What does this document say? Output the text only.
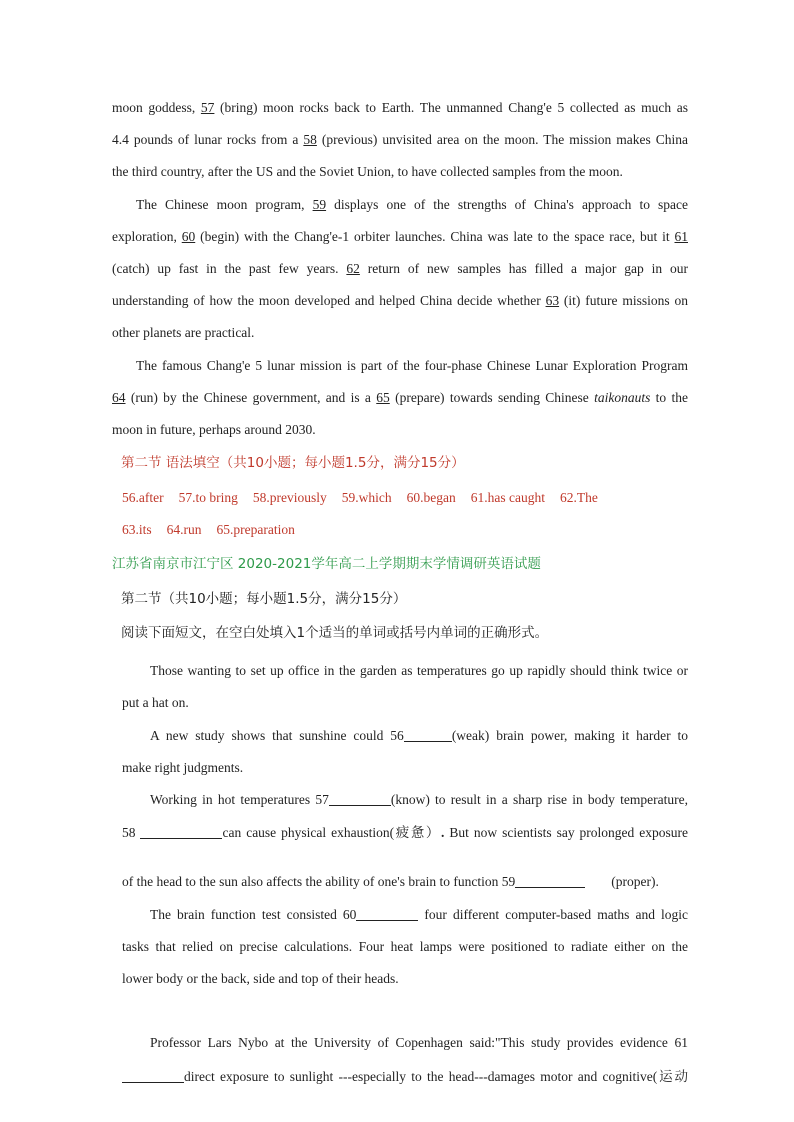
moon goddess, 57 (bring) moon rocks back to Earth. The unmanned Chang'e 5 collected as much as
4.4 pounds of lunar rocks from a 58 (previous) unvisited area on the moon. The mission makes China
the third country, after the US and the Soviet Union, to have collected samples from the moon.
The Chinese moon program, 59 displays one of the strengths of China's approach to space
exploration, 60 (begin) with the Chang'e-1 orbiter launches. China was late to the space race, but it 61
(catch) up fast in the past few years. 62 return of new samples has filled a major gap in our
understanding of how the moon developed and helped China decide whether 63 (it) future missions on
other planets are practical.
The famous Chang'e 5 lunar mission is part of the four-phase Chinese Lunar Exploration Program
64 (run) by the Chinese government, and is a 65 (prepare) towards sending Chinese taikonauts to the
moon in future, perhaps around 2030.
第二节 语法填空（共10小题；每小题1.5分，满分15分）
56.after 57.to bring 58.previously 59.which 60.began 61.has caught 62.The
63.its 64.run 65.preparation
江苏省南京市江宁区 2020-2021学年高二上学期期末学情调研英语试题
第二节（共10小题；每小题1.5分，满分15分）
阅读下面短文，在空白处填入1个适当的单词或括号内单词的正确形式。
Those wanting to set up office in the garden as temperatures go up rapidly should think twice or
put a hat on.
A new study shows that sunshine could 56	(weak) brain power, making it harder to
make right judgments.
Working in hot temperatures 57	(know) to result in a sharp rise in body temperature,
58	can cause physical exhaustion(疲惫）. But now scientists say prolonged exposure
of the head to the sun also affects the ability of one's brain to function 59	(proper).
The brain function test consisted 60	four different computer-based maths and logic
tasks that relied on precise calculations. Four heat lamps were positioned to radiate either on the
lower body or the back, side and top of their heads.
Professor Lars Nybo at the University of Copenhagen said:"This study provides evidence 61
direct exposure to sunlight ---especially to the head---damages motor and cognitive(运动
